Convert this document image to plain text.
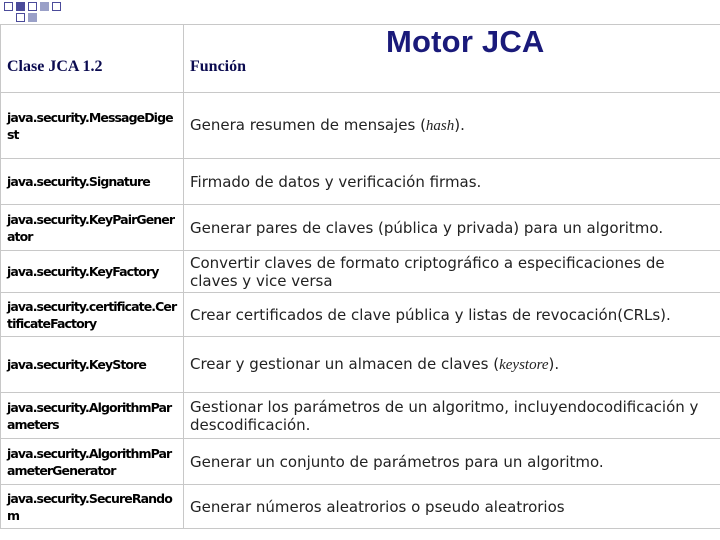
Clase JCA 1.2	Función
java.security.MessageDigest	Genera resumen de mensajes (hash).
java.security.Signature	Firmado de datos y verificación firmas.
java.security.KeyPairGenerator	Generar pares de claves (pública y privada) para un algoritmo.
java.security.KeyFactory	Convertir claves de formato criptográfico a especificaciones de claves y vice versa
java.security.certificate.CertificateFactory	Crear certificados de clave pública y listas de revocación(CRLs).
java.security.KeyStore	Crear y gestionar un almacen de claves (keystore).
java.security.AlgorithmParameters	Gestionar los parámetros de un algoritmo, incluyendocodificación y descodificación.
java.security.AlgorithmParameterGenerator	Generar un conjunto de parámetros para un algoritmo.
java.security.SecureRandom	Generar números aleatrorios o pseudo aleatrorios
Motor JCA
